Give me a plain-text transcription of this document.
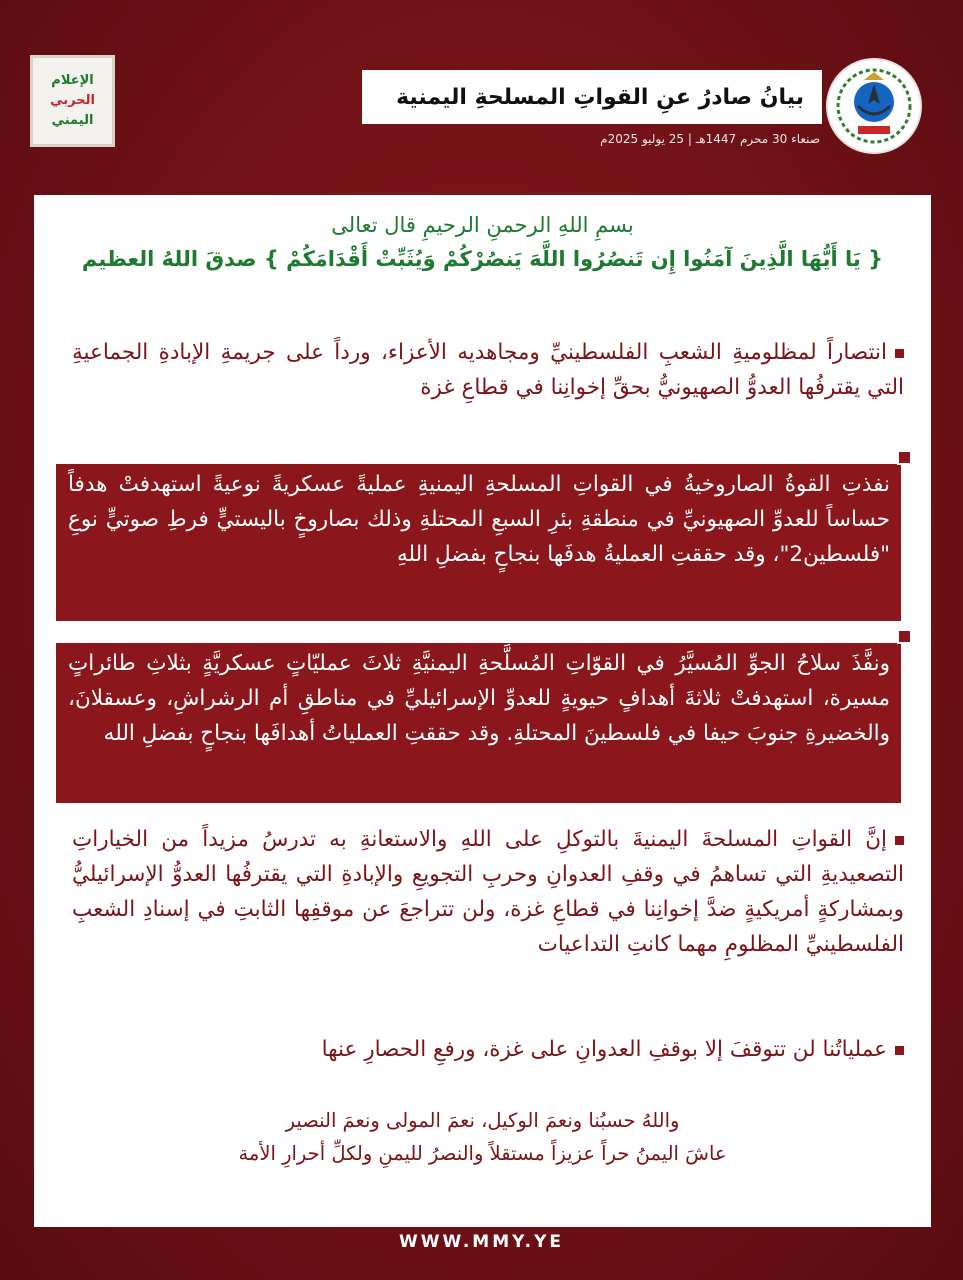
الإعلام
الحربي
اليمني
بيانُ صادرُ عنِ القواتِ المسلحةِ اليمنية
صنعاء 30 محرم 1447هـ | 25 يوليو 2025م
بسمِ اللهِ الرحمنِ الرحيمِ قال تعالى
{ يَا أَيُّهَا الَّذِينَ آمَنُوا إِن تَنصُرُوا اللَّهَ يَنصُرْكُمْ وَيُثَبِّتْ أَقْدَامَكُمْ } صدقَ اللهُ العظيم

انتصاراً لمظلوميةِ الشعبِ الفلسطينيِّ ومجاهديه الأعزاء، ورداً على جريمةِ الإبادةِ الجماعيةِ التي يقترفُها العدوُّ الصهيونيُّ بحقِّ إخوانِنا في قطاعِ غزة

نفذتِ القوةُ الصاروخيةُ في القواتِ المسلحةِ اليمنيةِ عمليةً عسكريةً نوعيةً استهدفتْ هدفاً حساساً للعدوِّ الصهيونيِّ في منطقةِ بئرِ السبعِ المحتلةِ وذلك بصاروخٍ باليستيٍّ فرطِ صوتيٍّ نوعِ "فلسطين2"، وقد حققتِ العمليةُ هدفَها بنجاحٍ بفضلِ اللهِ

ونفَّذَ سلاحُ الجوِّ المُسيَّرُ في القوّاتِ المُسلَّحةِ اليمنيَّةِ ثلاثَ عمليّاتٍ عسكريَّةٍ بثلاثِ طائراتٍ مسيرة، استهدفتْ ثلاثةَ أهدافٍ حيويةٍ للعدوِّ الإسرائيليِّ في مناطقِ أم الرشراشِ، وعسقلانَ، والخضيرةِ جنوبَ حيفا في فلسطينَ المحتلةِ. وقد حققتِ العملياتُ أهدافَها بنجاحٍ بفضلِ الله

إنَّ القواتِ المسلحةَ اليمنيةَ بالتوكلِ على اللهِ والاستعانةِ به تدرسُ مزيداً من الخياراتِ التصعيديةِ التي تساهمُ في وقفِ العدوانِ وحربِ التجويعِ والإبادةِ التي يقترفُها العدوُّ الإسرائيليُّ وبمشاركةٍ أمريكيةٍ ضدَّ إخوانِنا في قطاعِ غزة، ولن تتراجعَ عن موقفِها الثابتِ في إسنادِ الشعبِ الفلسطينيِّ المظلومِ مهما كانتِ التداعيات

عملياتُنا لن تتوقفَ إلا بوقفِ العدوانِ على غزة، ورفعِ الحصارِ عنها

واللهُ حسبُنا ونعمَ الوكيل، نعمَ المولى ونعمَ النصير
عاشَ اليمنُ حراً عزيزاً مستقلاً والنصرُ لليمنِ ولكلِّ أحرارِ الأمة
WWW.MMY.YE
